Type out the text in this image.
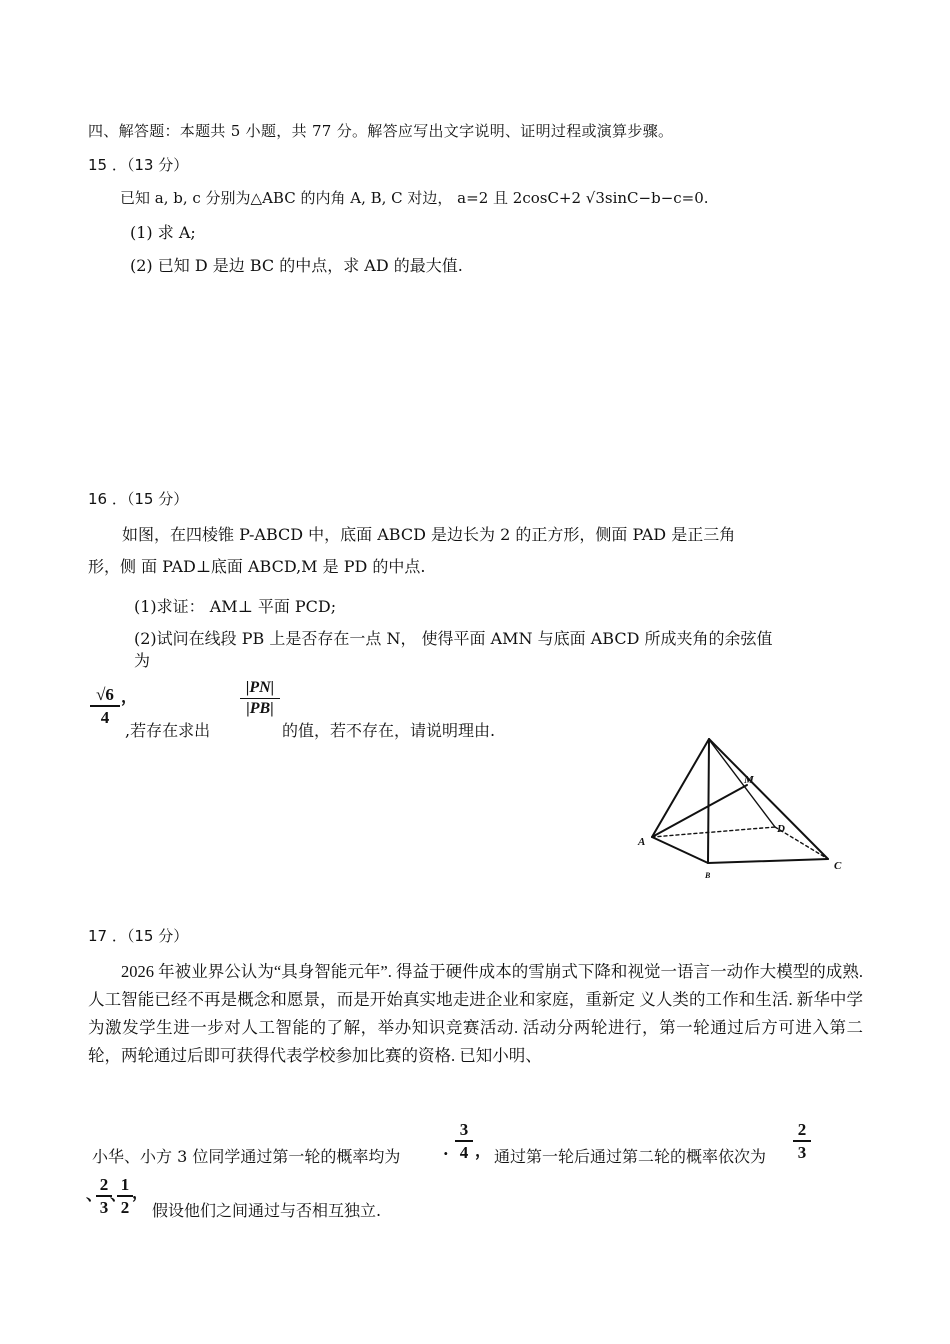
四、解答题：本题共 5 小题，共 77 分。解答应写出文字说明、证明过程或演算步骤。
15 ．（13 分）
已知 a, b, c 分别为△ABC 的内角 A, B, C 对边， a=2 且 2cosC+2 √3sinC−b−c=0.
(1) 求 A;
(2) 已知 D 是边 BC 的中点，求 AD 的最大值.
16 ．（15 分）
如图，在四棱锥 P-ABCD 中，底面 ABCD 是边长为 2 的正方形，侧面 PAD 是正三角
形，侧 面 PAD⊥底面 ABCD,M 是 PD 的中点.
(1)求证： AM⊥ 平面 PCD;
(2)试问在线段 PB 上是否存在一点 N， 使得平面 AMN 与底面 ABCD 所成夹角的余弦值
为
√6
4
，
,若存在求出
|PN|
|PB|
的值，若不存在，请说明理由.
A
B
C
D
M
17 ．（15 分）
2026 年被业界公认为“具身智能元年”. 得益于硬件成本的雪崩式下降和视觉一语言一动作大模型的成熟. 人工智能已经不再是概念和愿景，而是开始真实地走进企业和家庭，重新定 义人类的工作和生活. 新华中学为激发学生进一步对人工智能的了解，举办知识竞赛活动. 活动分两轮进行，第一轮通过后方可进入第二轮，两轮通过后即可获得代表学校参加比赛的资格. 已知小明、
小华、小方 3 位同学通过第一轮的概率均为	·
3
4 ， 通过第一轮后通过第二轮的概率依次为
2
3
、
2
3
、
1
2
，
假设他们之间通过与否相互独立.
